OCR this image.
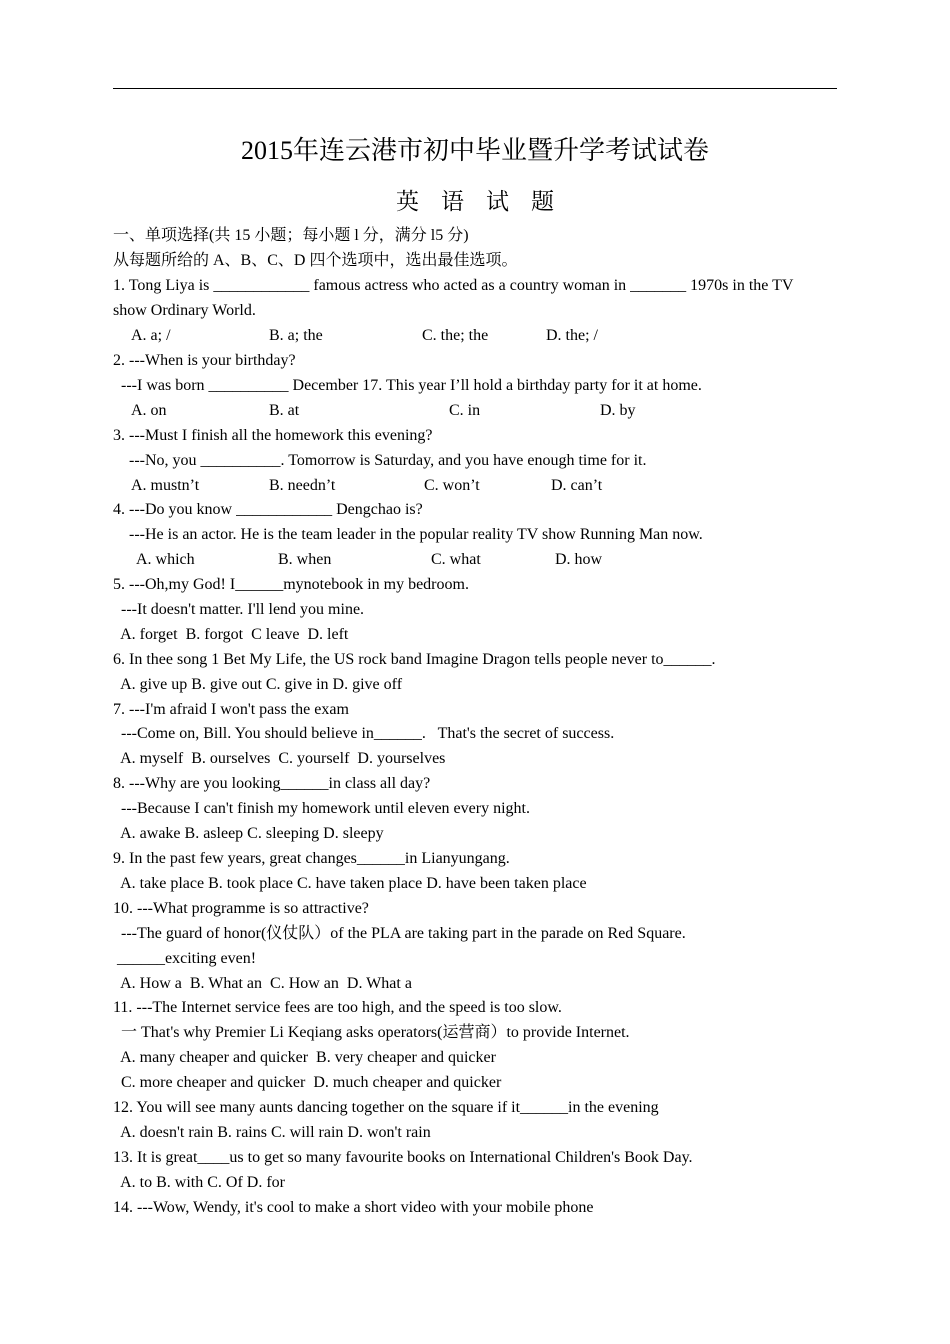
2015年连云港市初中毕业暨升学考试试卷
英语试题
一、单项选择(共 15 小题；每小题 l 分，满分 l5 分)
从每题所给的 A、B、C、D 四个选项中，选出最佳选项。
1. Tong Liya is ____________ famous actress who acted as a country woman in _______ 1970s in the TV
show Ordinary World.
A. a; /	B. a; the	C. the; the	D. the; /
2. ---When is your birthday?
---I was born __________ December 17. This year I’ll hold a birthday party for it at home.
A. on	B. at	C. in	D. by
3. ---Must I finish all the homework this evening?
---No, you __________. Tomorrow is Saturday, and you have enough time for it.
A. mustn’t	B. needn’t	C. won’t	D. can’t
4. ---Do you know ____________ Dengchao is?
---He is an actor. He is the team leader in the popular reality TV show Running Man now.
A. which	B. when	C. what	D. how
5. ---Oh,my God! I______mynotebook in my bedroom.
---It doesn't matter. I'll lend you mine.
A. forget  B. forgot  C leave  D. left
6. In thee song 1 Bet My Life, the US rock band Imagine Dragon tells people never to______.
A. give up B. give out C. give in D. give off
7. ---I'm afraid I won't pass the exam
---Come on, Bill. You should believe in______.   That's the secret of success.
A. myself  B. ourselves  C. yourself  D. yourselves
8. ---Why are you looking______in class all day?
---Because I can't finish my homework until eleven every night.
A. awake B. asleep C. sleeping D. sleepy
9. In the past few years, great changes______in Lianyungang.
A. take place B. took place C. have taken place D. have been taken place
10. ---What programme is so attractive?
---The guard of honor(仪仗队）of the PLA are taking part in the parade on Red Square.
______exciting even!
A. How a  B. What an  C. How an  D. What a
11. ---The Internet service fees are too high, and the speed is too slow.
一 That's why Premier Li Keqiang asks operators(运营商）to provide Internet.
A. many cheaper and quicker  B. very cheaper and quicker
C. more cheaper and quicker  D. much cheaper and quicker
12. You will see many aunts dancing together on the square if it______in the evening
A. doesn't rain B. rains C. will rain D. won't rain
13. It is great____us to get so many favourite books on International Children's Book Day.
A. to B. with C. Of D. for
14. ---Wow, Wendy, it's cool to make a short video with your mobile phone
